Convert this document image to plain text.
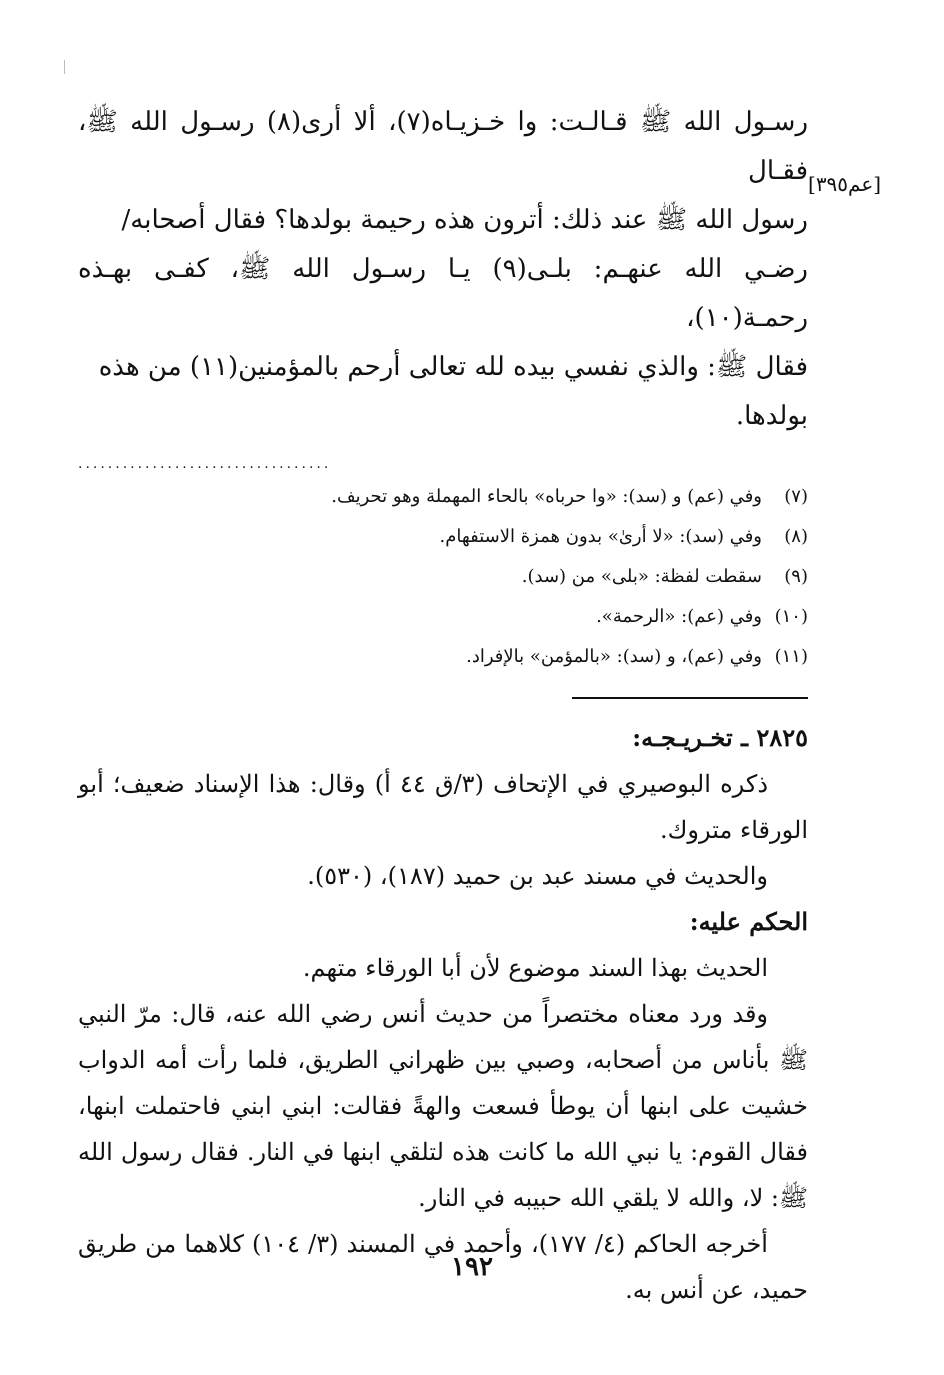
[عم٣٩٥]

رسـول الله ﷺ قـالـت: وا خـزيـاه(٧)، ألا أرى(٨) رسـول الله ﷺ، فقـال

رسول الله ﷺ عند ذلك: أترون هذه رحيمة بولدها؟ فقال أصحابه/

رضـي الله عنهـم: بلـى(٩) يـا رسـول الله ﷺ، كفـى بهـذه رحمـة(١٠)،

فقال ﷺ: والذي نفسي بيده لله تعالى أرحم بالمؤمنين(١١) من هذه

بولدها.

..................................
(٧)وفي (عم) و (سد): «وا حرباه» بالحاء المهملة وهو تحريف.
(٨)وفي (سد): «لا أرىٰ» بدون همزة الاستفهام.
(٩)سقطت لفظة: «بلى» من (سد).
(١٠)وفي (عم): «الرحمة».
(١١)وفي (عم)، و (سد): «بالمؤمن» بالإفراد.

٢٨٢٥ ـ تخـريـجـه:

ذكره البوصيري في الإتحاف (٣/ق ٤٤ أ) وقال: هذا الإسناد ضعيف؛ أبو الورقاء متروك.

والحديث في مسند عبد بن حميد (١٨٧)، (٥٣٠).

الحكم عليه:

الحديث بهذا السند موضوع لأن أبا الورقاء متهم.

وقد ورد معناه مختصراً من حديث أنس رضي الله عنه، قال: مرّ النبي ﷺ بأناس من أصحابه، وصبي بين ظهراني الطريق، فلما رأت أمه الدواب خشيت على ابنها أن يوطأ فسعت والهةً فقالت: ابني ابني فاحتملت ابنها، فقال القوم: يا نبي الله ما كانت هذه لتلقي ابنها في النار. فقال رسول الله ﷺ: لا، والله لا يلقي الله حبيبه في النار.

أخرجه الحاكم (٤/ ١٧٧)، وأحمد في المسند (٣/ ١٠٤) كلاهما من طريق حميد، عن أنس به.

١٩٢
